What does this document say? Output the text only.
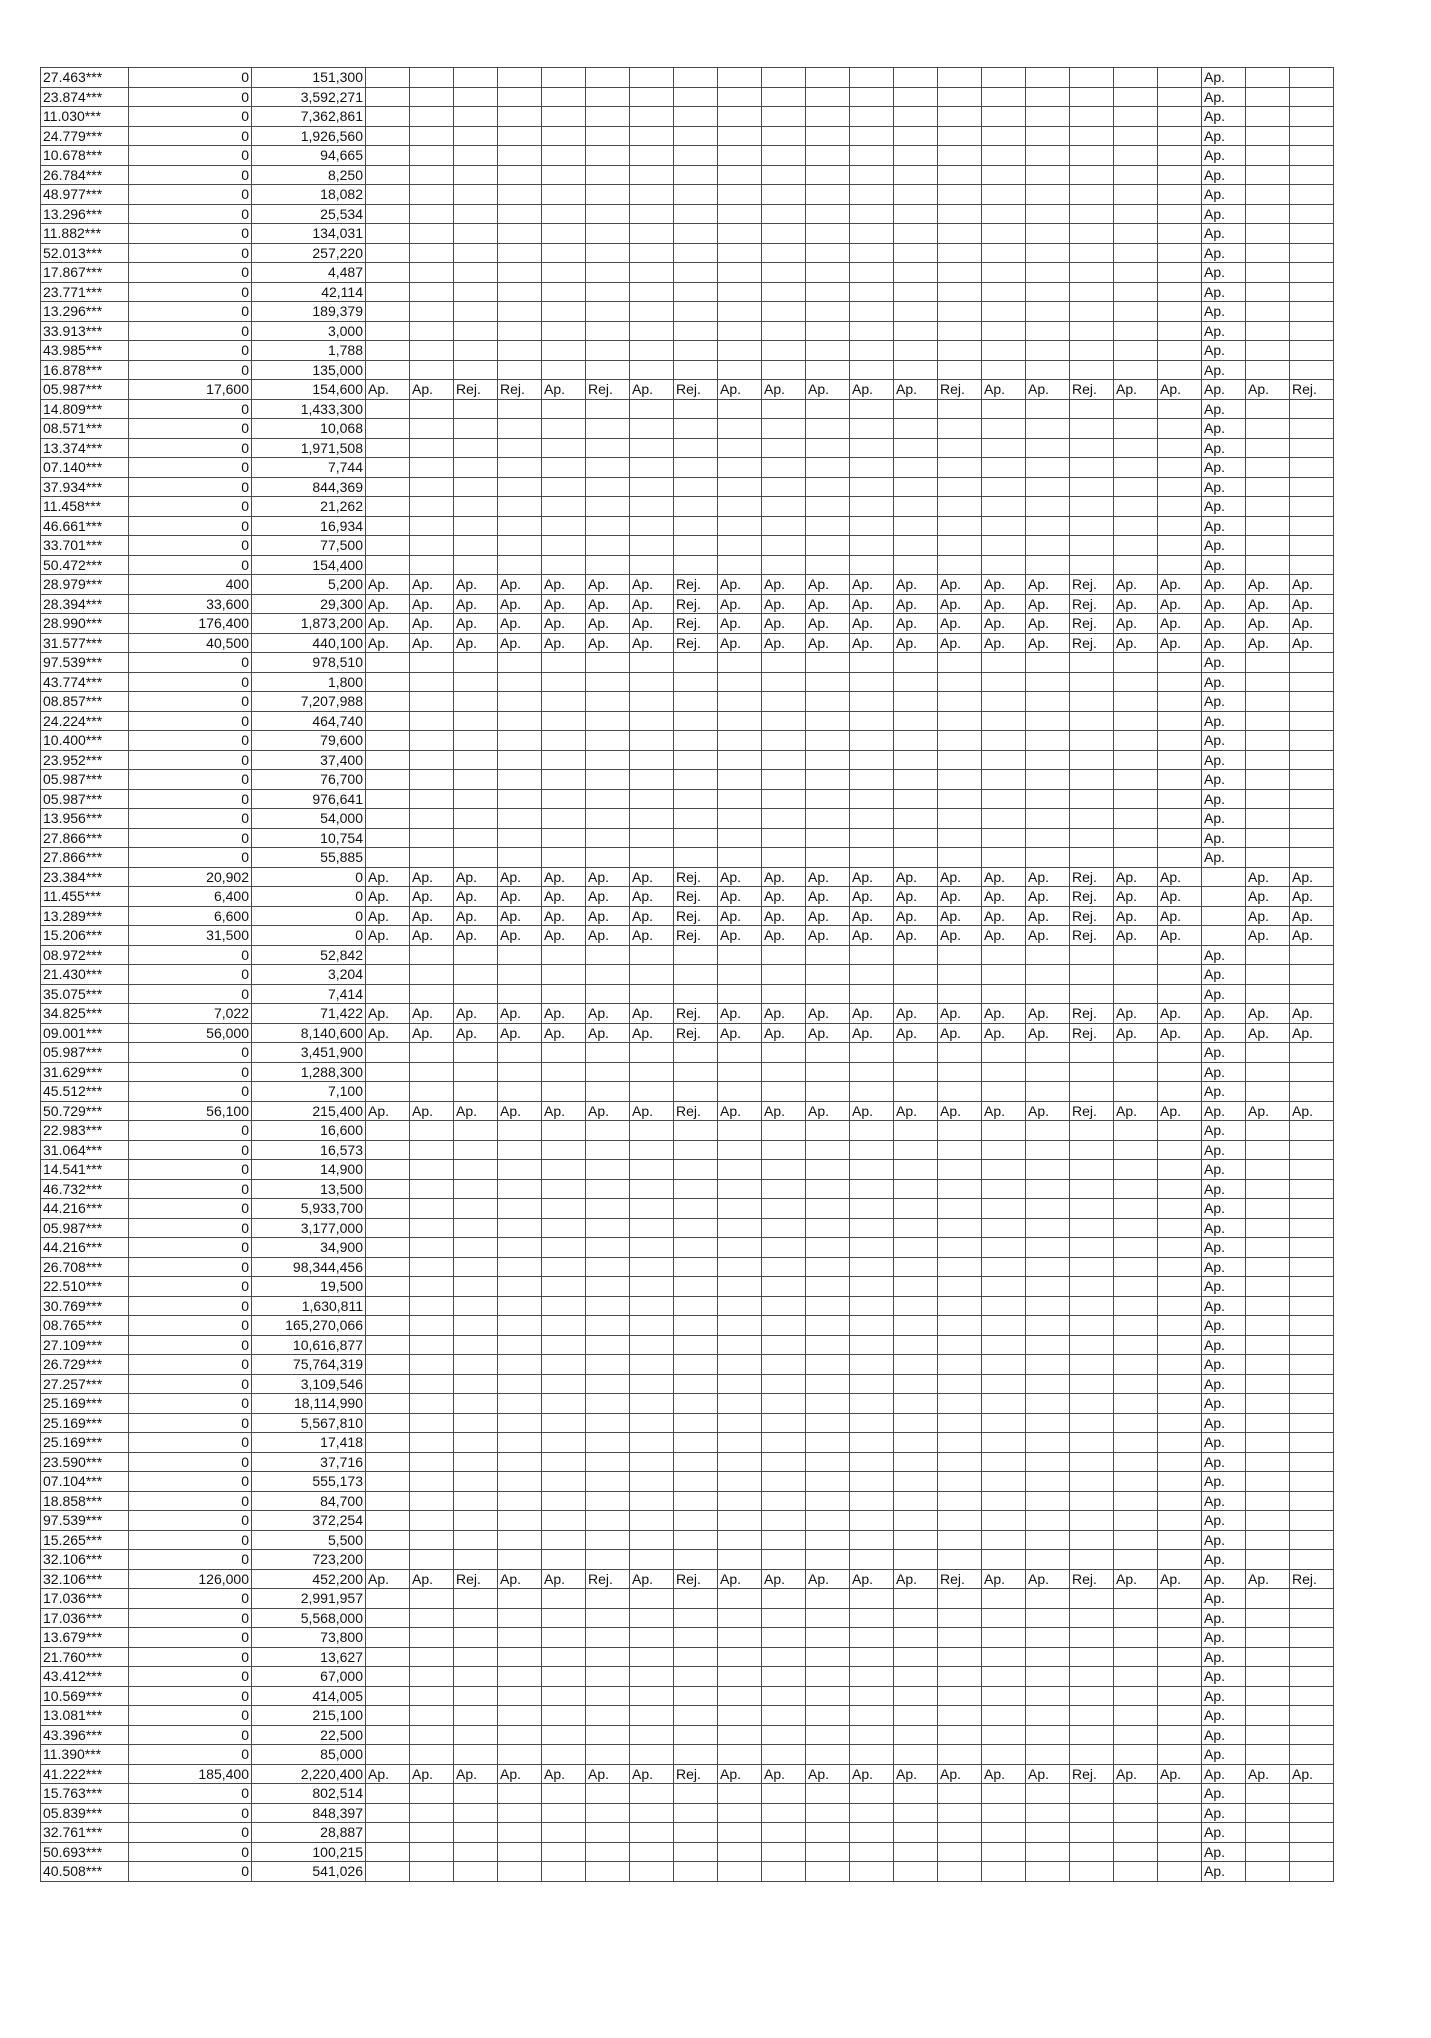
27.463***	0	151,300																				Ap.		
23.874***	0	3,592,271																				Ap.		
11.030***	0	7,362,861																				Ap.		
24.779***	0	1,926,560																				Ap.		
10.678***	0	94,665																				Ap.		
26.784***	0	8,250																				Ap.		
48.977***	0	18,082																				Ap.		
13.296***	0	25,534																				Ap.		
11.882***	0	134,031																				Ap.		
52.013***	0	257,220																				Ap.		
17.867***	0	4,487																				Ap.		
23.771***	0	42,114																				Ap.		
13.296***	0	189,379																				Ap.		
33.913***	0	3,000																				Ap.		
43.985***	0	1,788																				Ap.		
16.878***	0	135,000																				Ap.		
05.987***	17,600	154,600	Ap.	Ap.	Rej.	Rej.	Ap.	Rej.	Ap.	Rej.	Ap.	Ap.	Ap.	Ap.	Ap.	Rej.	Ap.	Ap.	Rej.	Ap.	Ap.	Ap.	Ap.	Rej.
14.809***	0	1,433,300																				Ap.		
08.571***	0	10,068																				Ap.		
13.374***	0	1,971,508																				Ap.		
07.140***	0	7,744																				Ap.		
37.934***	0	844,369																				Ap.		
11.458***	0	21,262																				Ap.		
46.661***	0	16,934																				Ap.		
33.701***	0	77,500																				Ap.		
50.472***	0	154,400																				Ap.		
28.979***	400	5,200	Ap.	Ap.	Ap.	Ap.	Ap.	Ap.	Ap.	Rej.	Ap.	Ap.	Ap.	Ap.	Ap.	Ap.	Ap.	Ap.	Rej.	Ap.	Ap.	Ap.	Ap.	Ap.
28.394***	33,600	29,300	Ap.	Ap.	Ap.	Ap.	Ap.	Ap.	Ap.	Rej.	Ap.	Ap.	Ap.	Ap.	Ap.	Ap.	Ap.	Ap.	Rej.	Ap.	Ap.	Ap.	Ap.	Ap.
28.990***	176,400	1,873,200	Ap.	Ap.	Ap.	Ap.	Ap.	Ap.	Ap.	Rej.	Ap.	Ap.	Ap.	Ap.	Ap.	Ap.	Ap.	Ap.	Rej.	Ap.	Ap.	Ap.	Ap.	Ap.
31.577***	40,500	440,100	Ap.	Ap.	Ap.	Ap.	Ap.	Ap.	Ap.	Rej.	Ap.	Ap.	Ap.	Ap.	Ap.	Ap.	Ap.	Ap.	Rej.	Ap.	Ap.	Ap.	Ap.	Ap.
97.539***	0	978,510																				Ap.		
43.774***	0	1,800																				Ap.		
08.857***	0	7,207,988																				Ap.		
24.224***	0	464,740																				Ap.		
10.400***	0	79,600																				Ap.		
23.952***	0	37,400																				Ap.		
05.987***	0	76,700																				Ap.		
05.987***	0	976,641																				Ap.		
13.956***	0	54,000																				Ap.		
27.866***	0	10,754																				Ap.		
27.866***	0	55,885																				Ap.		
23.384***	20,902	0	Ap.	Ap.	Ap.	Ap.	Ap.	Ap.	Ap.	Rej.	Ap.	Ap.	Ap.	Ap.	Ap.	Ap.	Ap.	Ap.	Rej.	Ap.	Ap.		Ap.	Ap.
11.455***	6,400	0	Ap.	Ap.	Ap.	Ap.	Ap.	Ap.	Ap.	Rej.	Ap.	Ap.	Ap.	Ap.	Ap.	Ap.	Ap.	Ap.	Rej.	Ap.	Ap.		Ap.	Ap.
13.289***	6,600	0	Ap.	Ap.	Ap.	Ap.	Ap.	Ap.	Ap.	Rej.	Ap.	Ap.	Ap.	Ap.	Ap.	Ap.	Ap.	Ap.	Rej.	Ap.	Ap.		Ap.	Ap.
15.206***	31,500	0	Ap.	Ap.	Ap.	Ap.	Ap.	Ap.	Ap.	Rej.	Ap.	Ap.	Ap.	Ap.	Ap.	Ap.	Ap.	Ap.	Rej.	Ap.	Ap.		Ap.	Ap.
08.972***	0	52,842																				Ap.		
21.430***	0	3,204																				Ap.		
35.075***	0	7,414																				Ap.		
34.825***	7,022	71,422	Ap.	Ap.	Ap.	Ap.	Ap.	Ap.	Ap.	Rej.	Ap.	Ap.	Ap.	Ap.	Ap.	Ap.	Ap.	Ap.	Rej.	Ap.	Ap.	Ap.	Ap.	Ap.
09.001***	56,000	8,140,600	Ap.	Ap.	Ap.	Ap.	Ap.	Ap.	Ap.	Rej.	Ap.	Ap.	Ap.	Ap.	Ap.	Ap.	Ap.	Ap.	Rej.	Ap.	Ap.	Ap.	Ap.	Ap.
05.987***	0	3,451,900																				Ap.		
31.629***	0	1,288,300																				Ap.		
45.512***	0	7,100																				Ap.		
50.729***	56,100	215,400	Ap.	Ap.	Ap.	Ap.	Ap.	Ap.	Ap.	Rej.	Ap.	Ap.	Ap.	Ap.	Ap.	Ap.	Ap.	Ap.	Rej.	Ap.	Ap.	Ap.	Ap.	Ap.
22.983***	0	16,600																				Ap.		
31.064***	0	16,573																				Ap.		
14.541***	0	14,900																				Ap.		
46.732***	0	13,500																				Ap.		
44.216***	0	5,933,700																				Ap.		
05.987***	0	3,177,000																				Ap.		
44.216***	0	34,900																				Ap.		
26.708***	0	98,344,456																				Ap.		
22.510***	0	19,500																				Ap.		
30.769***	0	1,630,811																				Ap.		
08.765***	0	165,270,066																				Ap.		
27.109***	0	10,616,877																				Ap.		
26.729***	0	75,764,319																				Ap.		
27.257***	0	3,109,546																				Ap.		
25.169***	0	18,114,990																				Ap.		
25.169***	0	5,567,810																				Ap.		
25.169***	0	17,418																				Ap.		
23.590***	0	37,716																				Ap.		
07.104***	0	555,173																				Ap.		
18.858***	0	84,700																				Ap.		
97.539***	0	372,254																				Ap.		
15.265***	0	5,500																				Ap.		
32.106***	0	723,200																				Ap.		
32.106***	126,000	452,200	Ap.	Ap.	Rej.	Ap.	Ap.	Rej.	Ap.	Rej.	Ap.	Ap.	Ap.	Ap.	Ap.	Rej.	Ap.	Ap.	Rej.	Ap.	Ap.	Ap.	Ap.	Rej.
17.036***	0	2,991,957																				Ap.		
17.036***	0	5,568,000																				Ap.		
13.679***	0	73,800																				Ap.		
21.760***	0	13,627																				Ap.		
43.412***	0	67,000																				Ap.		
10.569***	0	414,005																				Ap.		
13.081***	0	215,100																				Ap.		
43.396***	0	22,500																				Ap.		
11.390***	0	85,000																				Ap.		
41.222***	185,400	2,220,400	Ap.	Ap.	Ap.	Ap.	Ap.	Ap.	Ap.	Rej.	Ap.	Ap.	Ap.	Ap.	Ap.	Ap.	Ap.	Ap.	Rej.	Ap.	Ap.	Ap.	Ap.	Ap.
15.763***	0	802,514																				Ap.		
05.839***	0	848,397																				Ap.		
32.761***	0	28,887																				Ap.		
50.693***	0	100,215																				Ap.		
40.508***	0	541,026																				Ap.		
